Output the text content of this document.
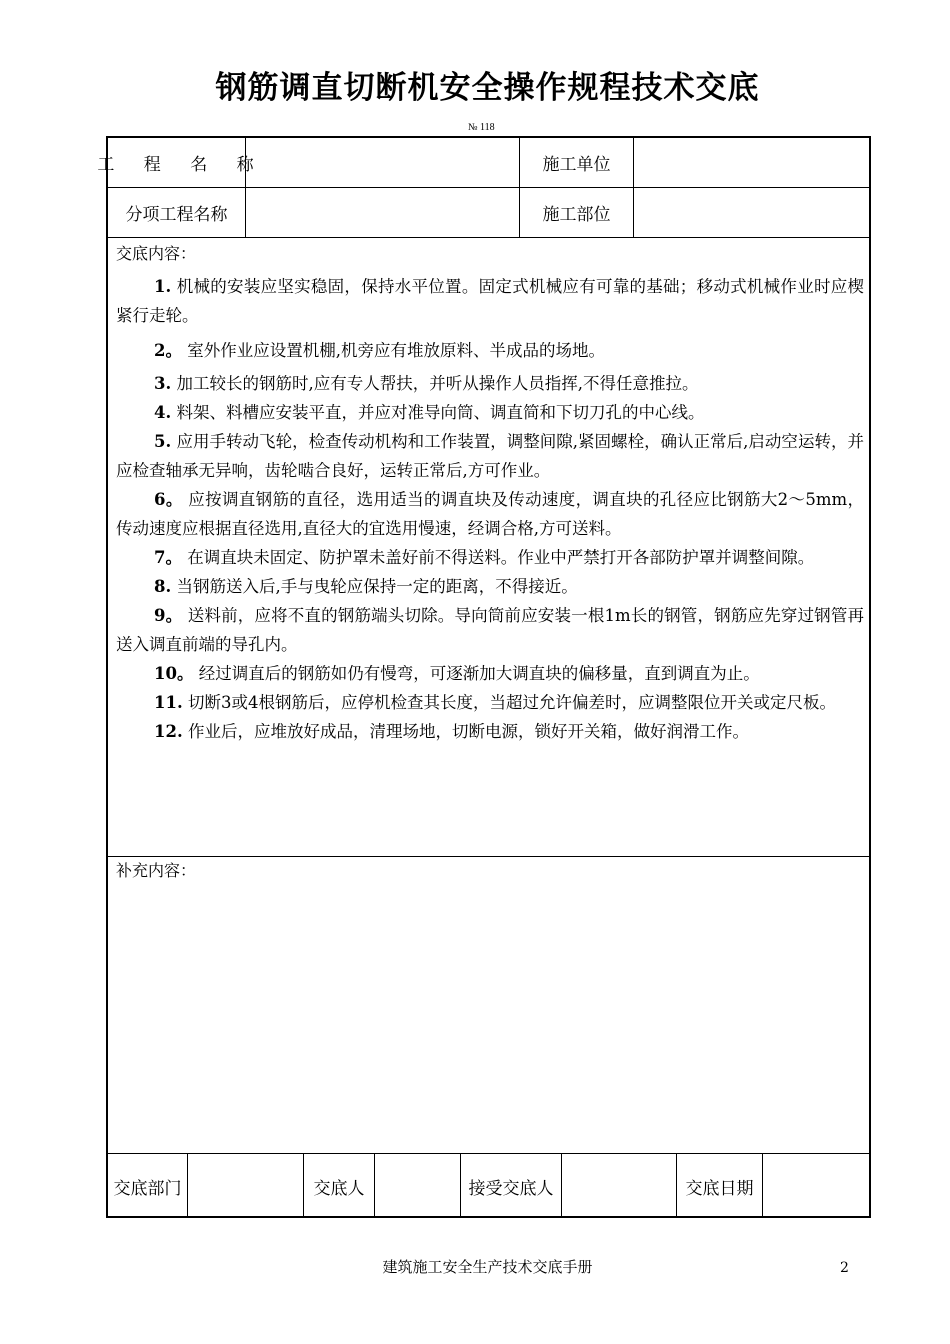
钢筋调直切断机安全操作规程技术交底
№ 118
工 程 名 称	施工单位
分项工程名称	施工部位
交底内容：
1. 机械的安装应坚实稳固，保持水平位置。固定式机械应有可靠的基础；移动式机械作业时应楔紧行走轮。
2。 室外作业应设置机棚,机旁应有堆放原料、半成品的场地。
3. 加工较长的钢筋时,应有专人帮扶，并听从操作人员指挥,不得任意推拉。
4. 料架、料槽应安装平直，并应对准导向筒、调直简和下切刀孔的中心线。
5. 应用手转动飞轮，检查传动机构和工作装置，调整间隙,紧固螺栓，确认正常后,启动空运转，并应检查轴承无异响，齿轮啮合良好，运转正常后,方可作业。
6。 应按调直钢筋的直径，选用适当的调直块及传动速度，调直块的孔径应比钢筋大2～5mm，传动速度应根据直径选用,直径大的宜选用慢速，经调合格,方可送料。
7。 在调直块未固定、防护罩未盖好前不得送料。作业中严禁打开各部防护罩并调整间隙。
8. 当钢筋送入后,手与曳轮应保持一定的距离，不得接近。
9。 送料前，应将不直的钢筋端头切除。导向筒前应安装一根1m长的钢管，钢筋应先穿过钢管再送入调直前端的导孔内。
10。 经过调直后的钢筋如仍有慢弯，可逐渐加大调直块的偏移量，直到调直为止。
11. 切断3或4根钢筋后，应停机检查其长度，当超过允许偏差时，应调整限位开关或定尺板。
12. 作业后，应堆放好成品，清理场地，切断电源，锁好开关箱，做好润滑工作。
补充内容：
交底部门	交底人	接受交底人	交底日期
建筑施工安全生产技术交底手册	2
